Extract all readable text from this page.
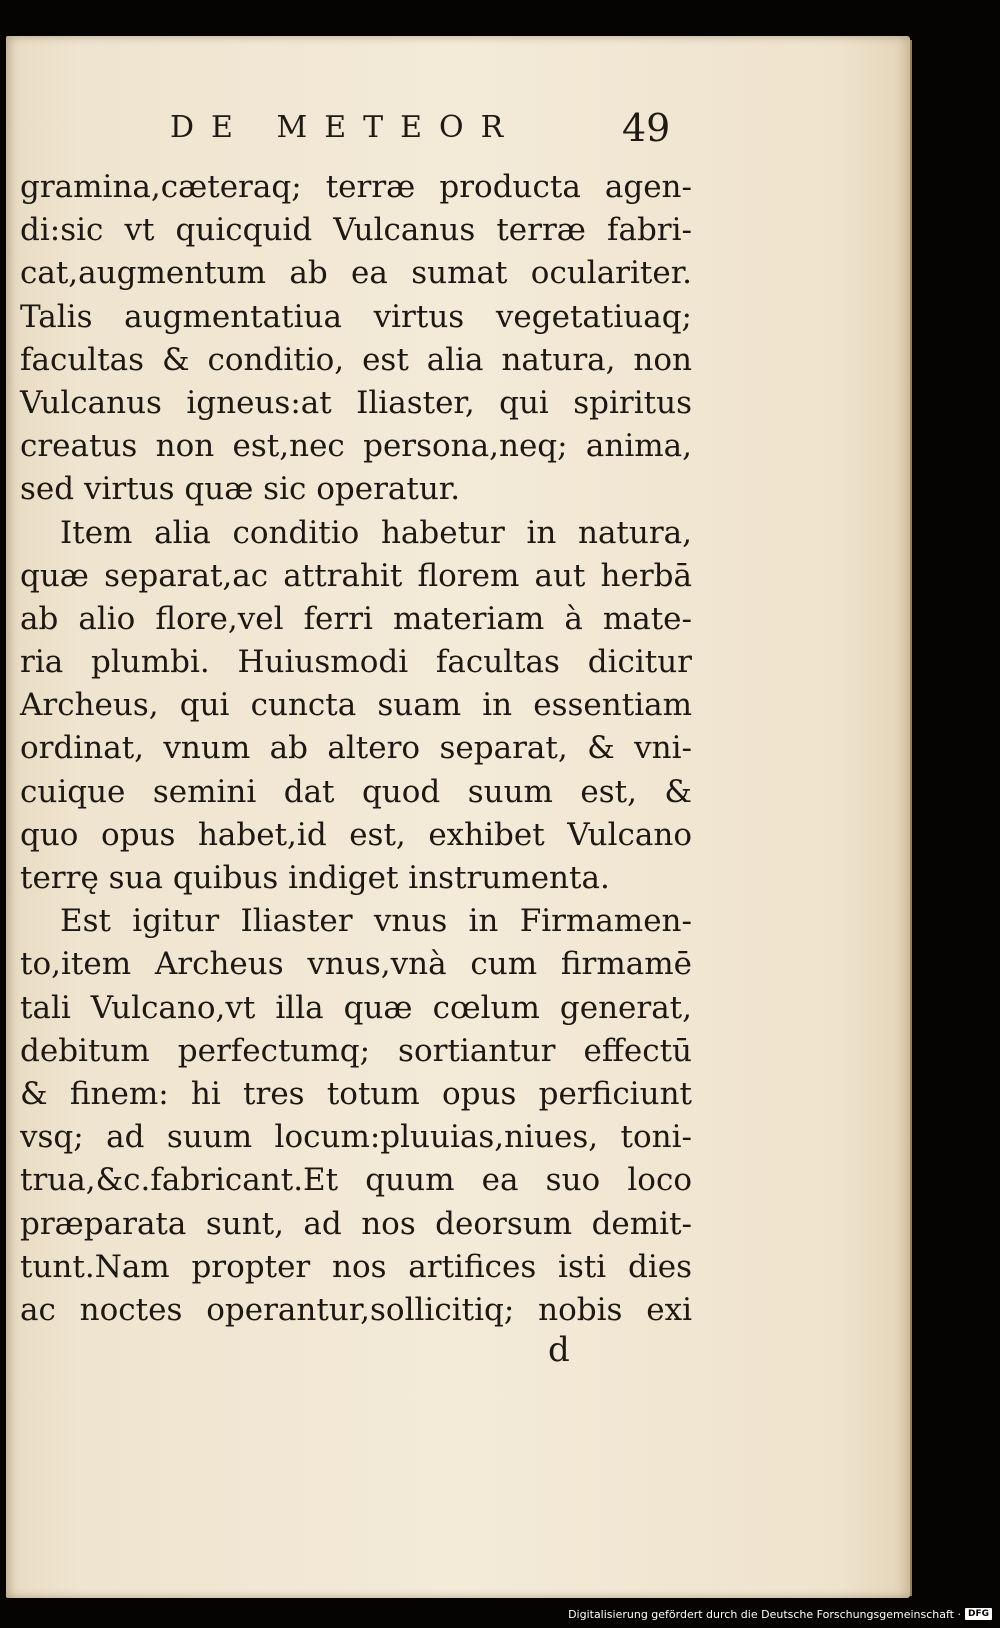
DE METEOR	49
gramina,cæteraq; terræ producta agen-
di:sic vt quicquid Vulcanus terræ fabri-
cat,augmentum ab ea sumat oculariter.
Talis augmentatiua virtus vegetatiuaq;
facultas & conditio, est alia natura, non
Vulcanus igneus:at Iliaster, qui spiritus
creatus non est,nec persona,neq; anima,
sed virtus quæ sic operatur.
Item alia conditio habetur in natura,
quæ separat,ac attrahit florem aut herbā
ab alio flore,vel ferri materiam à mate-
ria plumbi. Huiusmodi facultas dicitur
Archeus, qui cuncta suam in essentiam
ordinat, vnum ab altero separat, & vni-
cuique semini dat quod suum est, &
quo opus habet,id est, exhibet Vulcano
terrę sua quibus indiget instrumenta.
Est igitur Iliaster vnus in Firmamen-
to,item Archeus vnus,vnà cum firmamē
tali Vulcano,vt illa quæ cœlum generat,
debitum perfectumq; sortiantur effectū
& finem: hi tres totum opus perficiunt
vsq; ad suum locum:pluuias,niues, toni-
trua,&c.fabricant.Et quum ea suo loco
præparata sunt, ad nos deorsum demit-
tunt.Nam propter nos artifices isti dies
ac noctes operantur,sollicitiq; nobis exi
d
Digitalisierung gefördert durch die Deutsche Forschungsgemeinschaft · DFG
